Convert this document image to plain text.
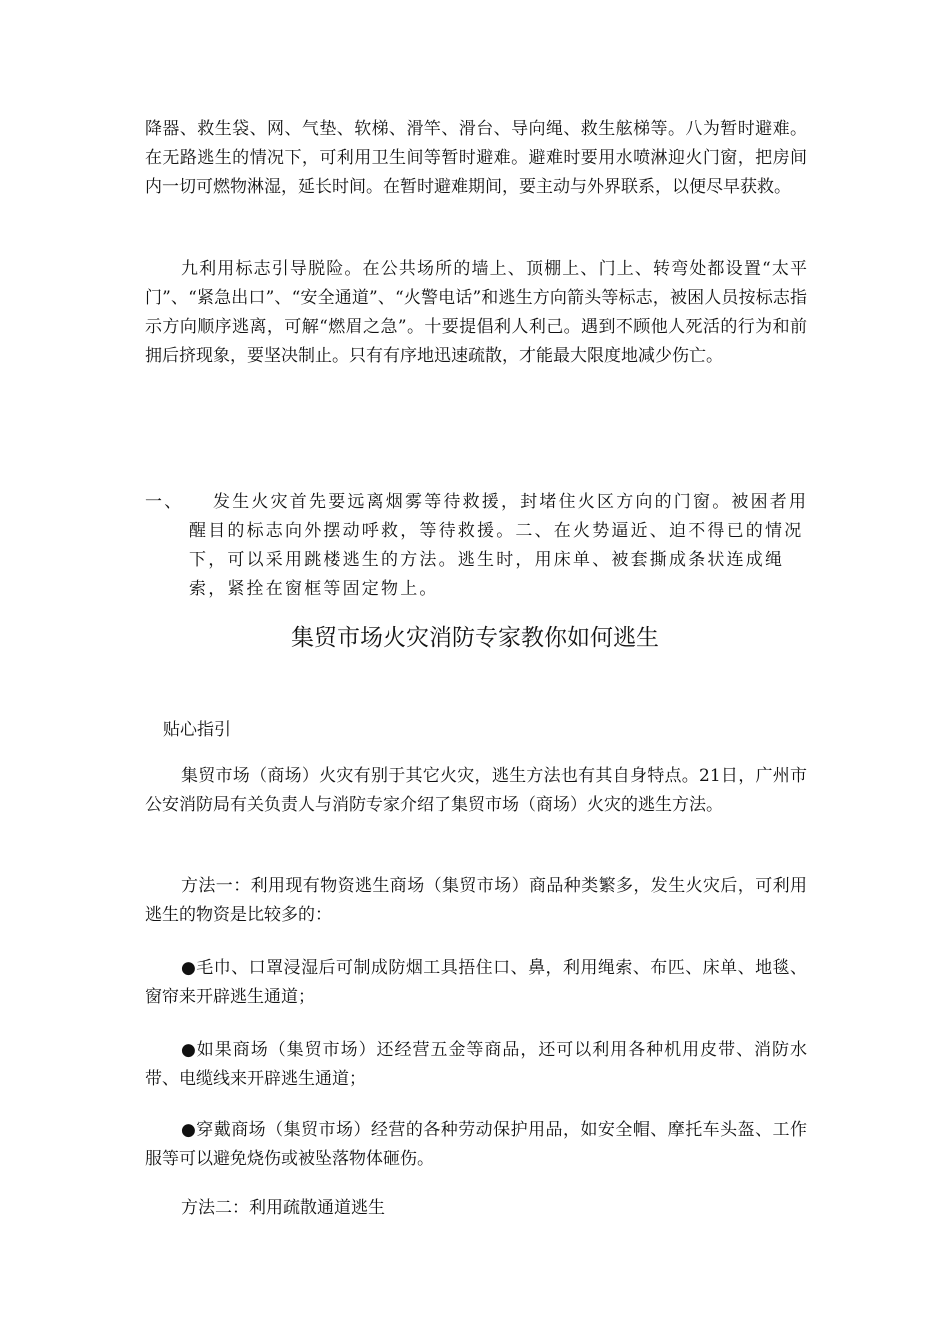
降器、救生袋、网、气垫、软梯、滑竿、滑台、导向绳、救生舷梯等。八为暂时避难。在无路逃生的情况下，可利用卫生间等暂时避难。避难时要用水喷淋迎火门窗，把房间内一切可燃物淋湿，延长时间。在暂时避难期间，要主动与外界联系，以便尽早获救。

九利用标志引导脱险。在公共场所的墙上、顶棚上、门上、转弯处都设置“太平门”、“紧急出口”、“安全通道”、“火警电话”和逃生方向箭头等标志，被困人员按标志指示方向顺序逃离，可解“燃眉之急”。十要提倡利人利己。遇到不顾他人死活的行为和前拥后挤现象，要坚决制止。只有有序地迅速疏散，才能最大限度地减少伤亡。

一、	发生火灾首先要远离烟雾等待救援，封堵住火区方向的门窗。被困者用醒目的标志向外摆动呼救，等待救援。二、在火势逼近、迫不得已的情况下，可以采用跳楼逃生的方法。逃生时，用床单、被套撕成条状连成绳索，紧拴在窗框等固定物上。

集贸市场火灾消防专家教你如何逃生

贴心指引

集贸市场（商场）火灾有别于其它火灾，逃生方法也有其自身特点。21日，广州市公安消防局有关负责人与消防专家介绍了集贸市场（商场）火灾的逃生方法。

方法一：利用现有物资逃生商场（集贸市场）商品种类繁多，发生火灾后，可利用逃生的物资是比较多的：

●毛巾、口罩浸湿后可制成防烟工具捂住口、鼻，利用绳索、布匹、床单、地毯、窗帘来开辟逃生通道；

●如果商场（集贸市场）还经营五金等商品，还可以利用各种机用皮带、消防水带、电缆线来开辟逃生通道；

●穿戴商场（集贸市场）经营的各种劳动保护用品，如安全帽、摩托车头盔、工作服等可以避免烧伤或被坠落物体砸伤。

方法二：利用疏散通道逃生
